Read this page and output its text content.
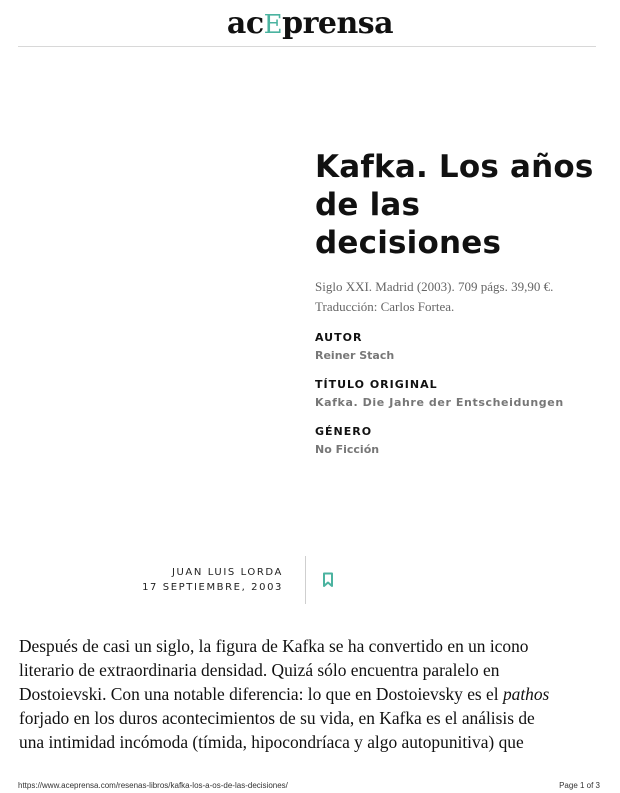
acEprensa
Kafka. Los años de las decisiones
Siglo XXI. Madrid (2003). 709 págs. 39,90 €.
Traducción: Carlos Fortea.
AUTOR
Reiner Stach
TÍTULO ORIGINAL
Kafka. Die Jahre der Entscheidungen
GÉNERO
No Ficción
JUAN LUIS LORDA
17 SEPTIEMBRE, 2003
Después de casi un siglo, la figura de Kafka se ha convertido en un icono
literario de extraordinaria densidad. Quizá sólo encuentra paralelo en
Dostoievski. Con una notable diferencia: lo que en Dostoievsky es el pathos
forjado en los duros acontecimientos de su vida, en Kafka es el análisis de
una intimidad incómoda (tímida, hipocondríaca y algo autopunitiva) que
https://www.aceprensa.com/resenas-libros/kafka-los-a-os-de-las-decisiones/	Page 1 of 3
